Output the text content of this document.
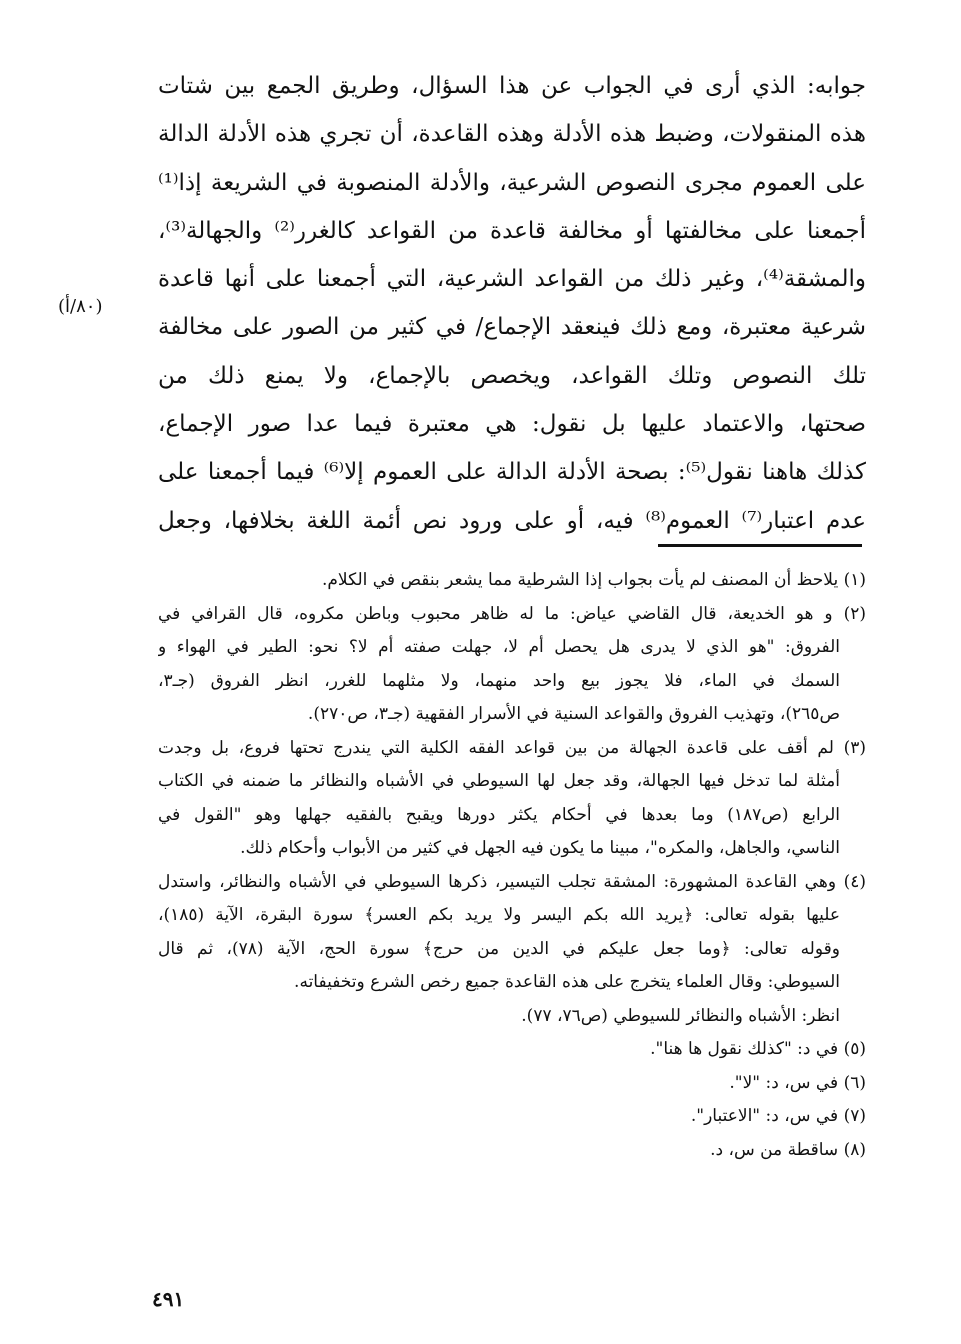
جوابه: الذي أرى في الجواب عن هذا السؤال، وطريق الجمع بين شتات
هذه المنقولات، وضبط هذه الأدلة وهذه القاعدة، أن تجري هذه الأدلة الدالة
على العموم مجرى النصوص الشرعية، والأدلة المنصوبة في الشريعة إذا⁽¹⁾
أجمعنا على مخالفتها أو مخالفة قاعدة من القواعد كالغرر⁽²⁾ والجهالة⁽³⁾،
والمشقة⁽⁴⁾، وغير ذلك من القواعد الشرعية، التي أجمعنا على أنها قاعدة
شرعية معتبرة، ومع ذلك فينعقد الإجماع/ في كثير من الصور على مخالفة
تلك النصوص وتلك القواعد، ويخصص بالإجماع، ولا يمنع ذلك من
صحتها، والاعتماد عليها بل نقول: هي معتبرة فيما عدا صور الإجماع،
كذلك هاهنا نقول⁽⁵⁾: بصحة الأدلة الدالة على العموم إلا⁽⁶⁾ فيما أجمعنا على
عدم اعتبار⁽⁷⁾ العموم⁽⁸⁾ فيه، أو على ورود نص أئمة اللغة بخلافها، وجعل
(٨٠/أ)
(١) يلاحظ أن المصنف لم يأت بجواب إذا الشرطية مما يشعر بنقص في الكلام.
(٢) و هو الخديعة، قال القاضي عياض: ما له ظاهر محبوب وباطن مكروه، قال القرافي في
الفروق: "هو الذي لا يدرى هل يحصل أم لا، جهلت صفته أم لا؟ نحو: الطير في الهواء و
السمك في الماء، فلا يجوز بيع واحد منهما، ولا مثلهما للغرر، انظر الفروق (جـ٣،
ص٢٦٥)، وتهذيب الفروق والقواعد السنية في الأسرار الفقهية (جـ٣، ص٢٧٠).
(٣) لم أقف على قاعدة الجهالة من بين قواعد الفقه الكلية التي يندرج تحتها فروع، بل وجدت
أمثلة لما تدخل فيها الجهالة، وقد جعل لها السيوطي في الأشباه والنظائر ما ضمنه في الكتاب
الرابع (ص١٨٧) وما بعدها في أحكام يكثر دورها ويقبح بالفقيه جهلها وهو "القول في
الناسي، والجاهل، والمكره"، مبينا ما يكون فيه الجهل في كثير من الأبواب وأحكام ذلك.
(٤) وهي القاعدة المشهورة: المشقة تجلب التيسير، ذكرها السيوطي في الأشباه والنظائر، واستدل
عليها بقوله تعالى: ﴿يريد الله بكم اليسر ولا يريد بكم العسر﴾ سورة البقرة، الآية (١٨٥)،
وقوله تعالى: ﴿وما جعل عليكم في الدين من حرج﴾ سورة الحج، الآية (٧٨)، ثم قال
السيوطي: وقال العلماء يتخرج على هذه القاعدة جميع رخص الشرع وتخفيفاته.
انظر: الأشباه والنظائر للسيوطي (ص٧٦، ٧٧).
(٥) في د: "كذلك نقول ها هنا".
(٦) في س، د: "لا".
(٧) في س، د: "الاعتبار".
(٨) ساقطة من س، د.
٤٩١
